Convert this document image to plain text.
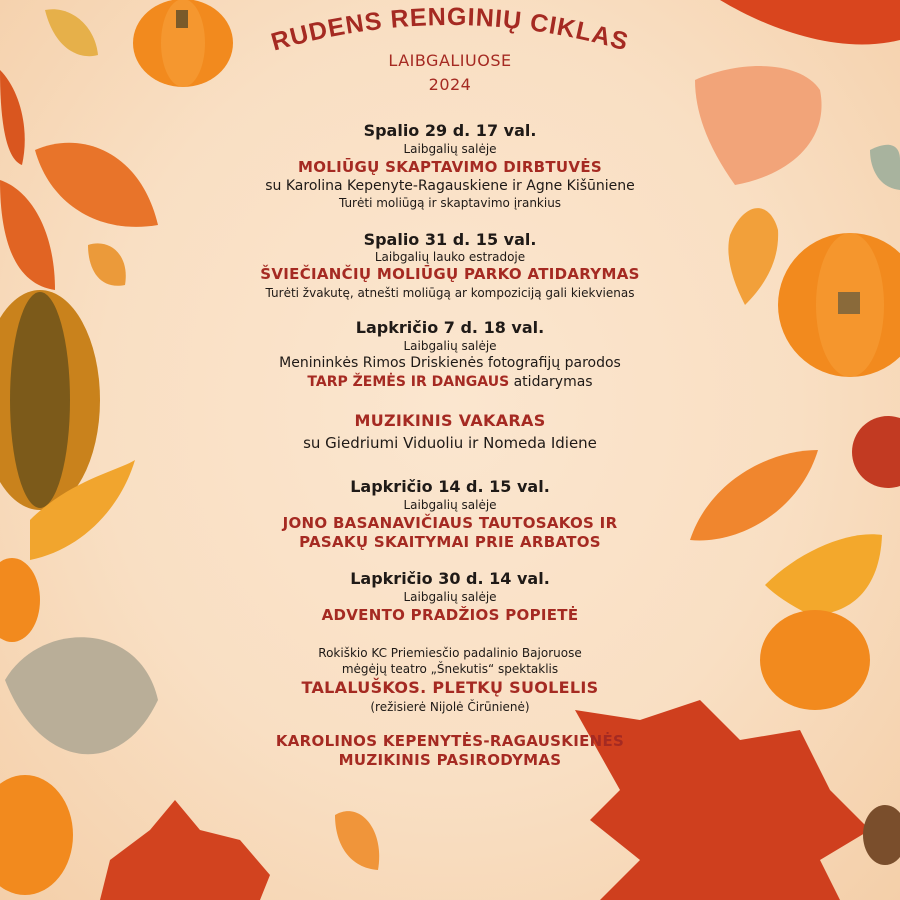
RUDENS RENGINIŲ CIKLAS
LAIBGALIUOSE
2024
Spalio 29 d. 17 val.
Laibgalių salėje
MOLIŪGŲ SKAPTAVIMO DIRBTUVĖS
su Karolina Kepenyte-Ragauskiene ir Agne Kišūniene
Turėti moliūgą ir skaptavimo įrankius
Spalio 31 d. 15 val.
Laibgalių lauko estradoje
ŠVIEČIANČIŲ MOLIŪGŲ PARKO ATIDARYMAS
Turėti žvakutę, atnešti moliūgą ar kompoziciją gali kiekvienas
Lapkričio 7 d. 18 val.
Laibgalių salėje
Menininkės Rimos Driskienės fotografijų parodos
TARP ŽEMĖS IR DANGAUS atidarymas
MUZIKINIS VAKARAS
su Giedriumi Viduoliu ir Nomeda Idiene
Lapkričio 14 d. 15 val.
Laibgalių salėje
JONO BASANAVIČIAUS TAUTOSAKOS IR
PASAKŲ SKAITYMAI PRIE ARBATOS
Lapkričio 30 d. 14 val.
Laibgalių salėje
ADVENTO PRADŽIOS POPIETĖ
Rokiškio KC Priemiesčio padalinio Bajoruose
mėgėjų teatro „Šnekutis“ spektaklis
TALALUŠKOS. PLETKŲ SUOLELIS
(režisierė Nijolė Čirūnienė)
KAROLINOS KEPENYTĖS-RAGAUSKIENĖS
MUZIKINIS PASIRODYMAS
